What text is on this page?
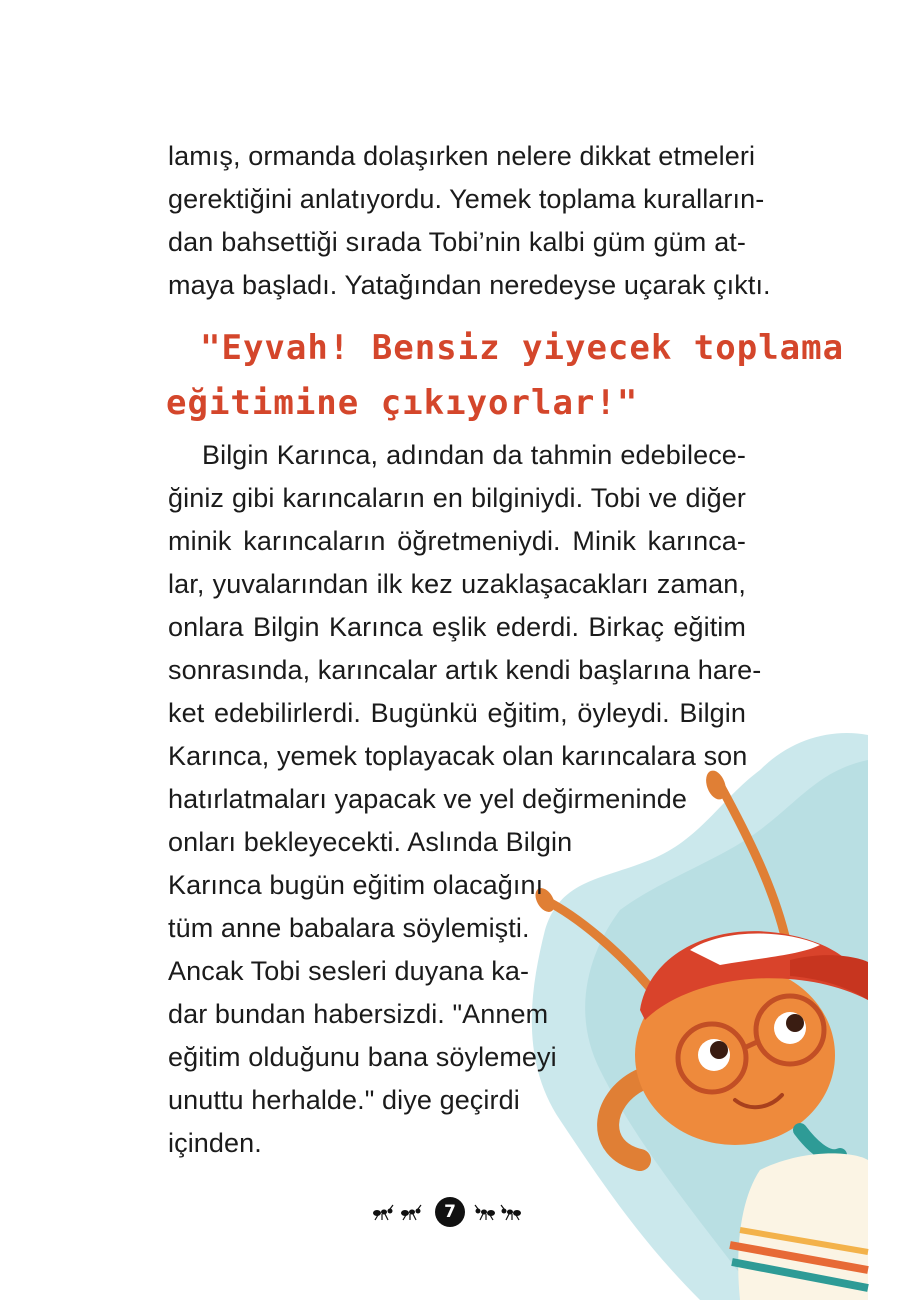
lamış, ormanda dolaşırken nelere dikkat etmeleri
gerektiğini anlatıyordu. Yemek toplama kuralların-
dan bahsettiği sırada Tobi’nin kalbi güm güm at-
maya başladı. Yatağından neredeyse uçarak çıktı.
"Eyvah! Bensiz yiyecek toplama
eğitimine çıkıyorlar!"
Bilgin Karınca, adından da tahmin edebilece-
ğiniz gibi karıncaların en bilginiydi. Tobi ve diğer
minik karıncaların öğretmeniydi. Minik karınca-
lar, yuvalarından ilk kez uzaklaşacakları zaman,
onlara Bilgin Karınca eşlik ederdi. Birkaç eğitim
sonrasında, karıncalar artık kendi başlarına hare-
ket edebilirlerdi. Bugünkü eğitim, öyleydi. Bilgin
Karınca, yemek toplayacak olan karıncalara son
hatırlatmaları yapacak ve yel değirmeninde
onları bekleyecekti. Aslında Bilgin
Karınca bugün eğitim olacağını
tüm anne babalara söylemişti.
Ancak Tobi sesleri duyana ka-
dar bundan habersizdi. "Annem
eğitim olduğunu bana söylemeyi
unuttu herhalde." diye geçirdi
içinden.
7
